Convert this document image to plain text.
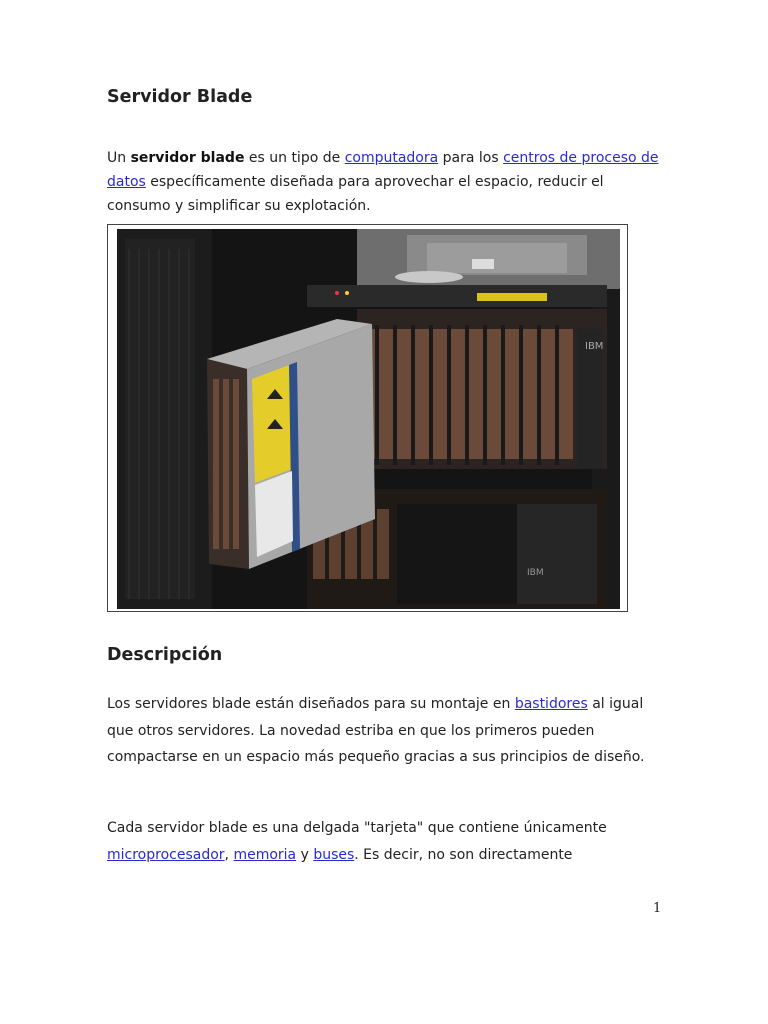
Servidor Blade

Un servidor blade es un tipo de computadora para los centros de proceso de
datos específicamente diseñada para aprovechar el espacio, reducir el consumo y simplificar su explotación.

IBM
IBM
Descripción

Los servidores blade están diseñados para su montaje en bastidores al igual que otros servidores. La novedad estriba en que los primeros pueden compactarse en un espacio más pequeño gracias a sus principios de diseño.

Cada servidor blade es una delgada "tarjeta" que contiene únicamente microprocesador, memoria y buses. Es decir, no son directamente

1
